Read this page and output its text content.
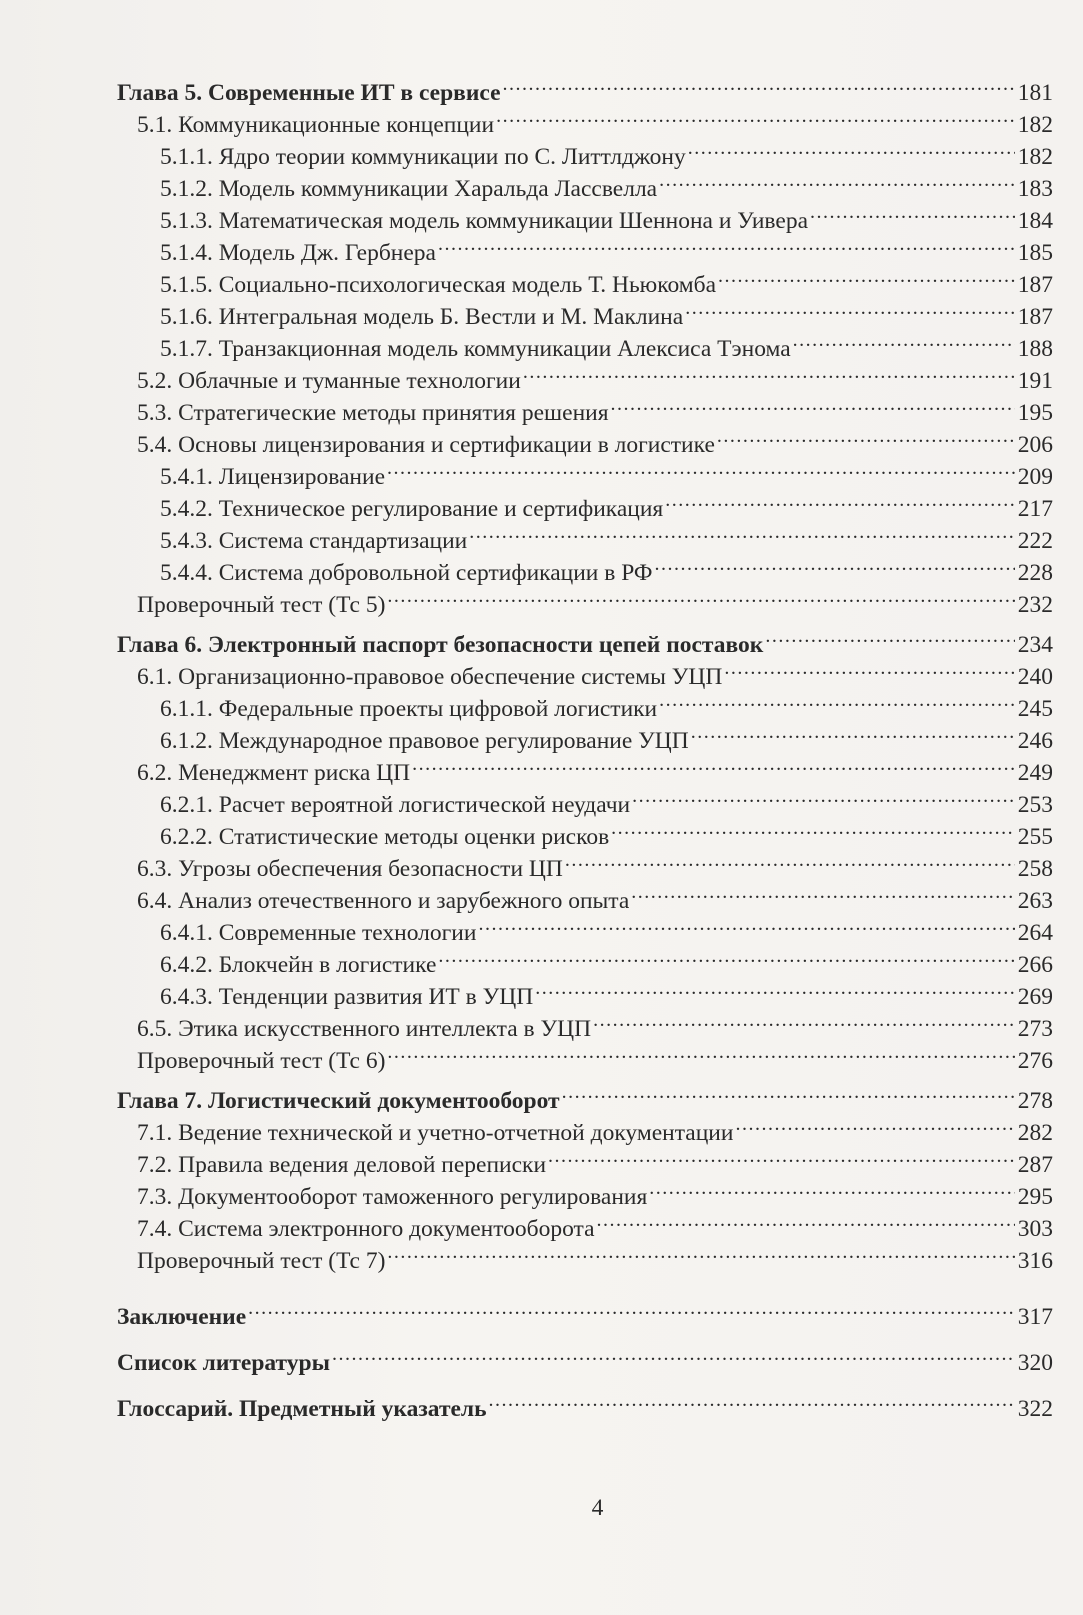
Глава 5. Современные ИТ в сервисе .....	181
5.1. Коммуникационные концепции .....	182
5.1.1. Ядро теории коммуникации по С. Литтлджону .....	182
5.1.2. Модель коммуникации Харальда Лассвелла .....	183
5.1.3. Математическая модель коммуникации Шеннона и Уивера .....	184
5.1.4. Модель Дж. Гербнера .....	185
5.1.5. Социально-психологическая модель Т. Ньюкомба .....	187
5.1.6. Интегральная модель Б. Вестли и М. Маклина .....	187
5.1.7. Транзакционная модель коммуникации Алексиса Тэнома .....	188
5.2. Облачные и туманные технологии .....	191
5.3. Стратегические методы принятия решения .....	195
5.4. Основы лицензирования и сертификации в логистике .....	206
5.4.1. Лицензирование .....	209
5.4.2. Техническое регулирование и сертификация .....	217
5.4.3. Система стандартизации .....	222
5.4.4. Система добровольной сертификации в РФ .....	228
Проверочный тест (Тс 5) .....	232
Глава 6. Электронный паспорт безопасности цепей поставок .....	234
6.1. Организационно-правовое обеспечение системы УЦП .....	240
6.1.1. Федеральные проекты цифровой логистики .....	245
6.1.2. Международное правовое регулирование УЦП .....	246
6.2. Менеджмент риска ЦП .....	249
6.2.1. Расчет вероятной логистической неудачи .....	253
6.2.2. Статистические методы оценки рисков .....	255
6.3. Угрозы обеспечения безопасности ЦП .....	258
6.4. Анализ отечественного и зарубежного опыта .....	263
6.4.1. Современные технологии .....	264
6.4.2. Блокчейн в логистике .....	266
6.4.3. Тенденции развития ИТ в УЦП .....	269
6.5. Этика искусственного интеллекта в УЦП .....	273
Проверочный тест (Тс 6) .....	276
Глава 7. Логистический документооборот .....	278
7.1. Ведение технической и учетно-отчетной документации .....	282
7.2. Правила ведения деловой переписки .....	287
7.3. Документооборот таможенного регулирования .....	295
7.4. Система электронного документооборота .....	303
Проверочный тест (Тс 7) .....	316
Заключение .....	317
Список литературы .....	320
Глоссарий. Предметный указатель .....	322
4
